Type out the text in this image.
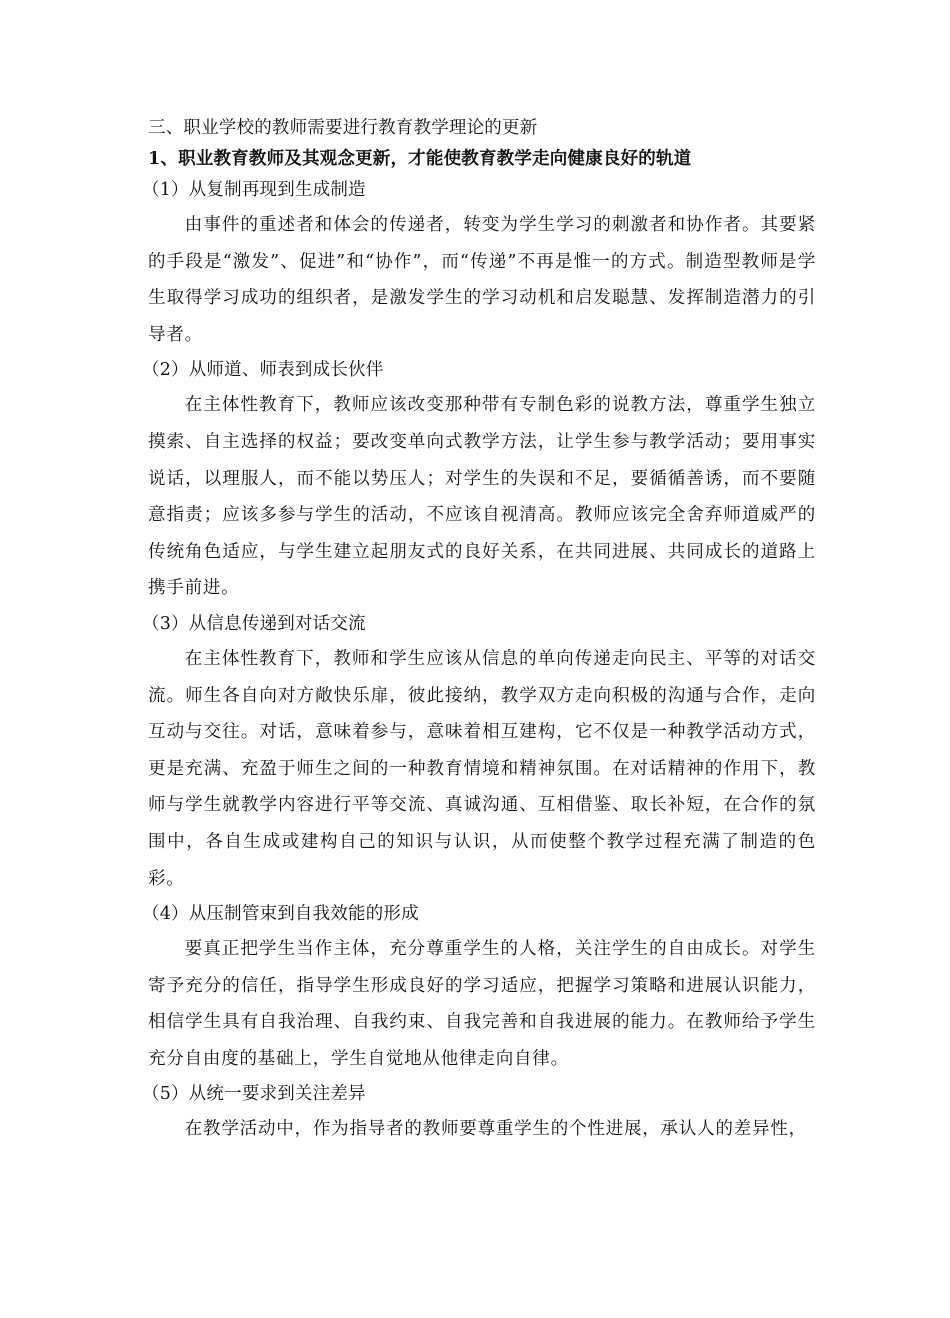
三、职业学校的教师需要进行教育教学理论的更新
1、职业教育教师及其观念更新，才能使教育教学走向健康良好的轨道
（1）从复制再现到生成制造
由事件的重述者和体会的传递者，转变为学生学习的刺激者和协作者。其要紧的手段是“激发”、促进”和“协作”，而“传递”不再是惟一的方式。制造型教师是学生取得学习成功的组织者，是激发学生的学习动机和启发聪慧、发挥制造潜力的引导者。
（2）从师道、师表到成长伙伴
在主体性教育下，教师应该改变那种带有专制色彩的说教方法，尊重学生独立摸索、自主选择的权益；要改变单向式教学方法，让学生参与教学活动；要用事实说话，以理服人，而不能以势压人；对学生的失误和不足，要循循善诱，而不要随意指责；应该多参与学生的活动，不应该自视清高。教师应该完全舍弃师道威严的传统角色适应，与学生建立起朋友式的良好关系，在共同进展、共同成长的道路上携手前进。
（3）从信息传递到对话交流
在主体性教育下，教师和学生应该从信息的单向传递走向民主、平等的对话交流。师生各自向对方敞快乐扉，彼此接纳，教学双方走向积极的沟通与合作，走向互动与交往。对话，意味着参与，意味着相互建构，它不仅是一种教学活动方式，更是充满、充盈于师生之间的一种教育情境和精神氛围。在对话精神的作用下，教师与学生就教学内容进行平等交流、真诚沟通、互相借鉴、取长补短，在合作的氛围中，各自生成或建构自己的知识与认识，从而使整个教学过程充满了制造的色彩。
（4）从压制管束到自我效能的形成
要真正把学生当作主体，充分尊重学生的人格，关注学生的自由成长。对学生寄予充分的信任，指导学生形成良好的学习适应，把握学习策略和进展认识能力，相信学生具有自我治理、自我约束、自我完善和自我进展的能力。在教师给予学生充分自由度的基础上，学生自觉地从他律走向自律。
（5）从统一要求到关注差异
在教学活动中，作为指导者的教师要尊重学生的个性进展，承认人的差异性，
